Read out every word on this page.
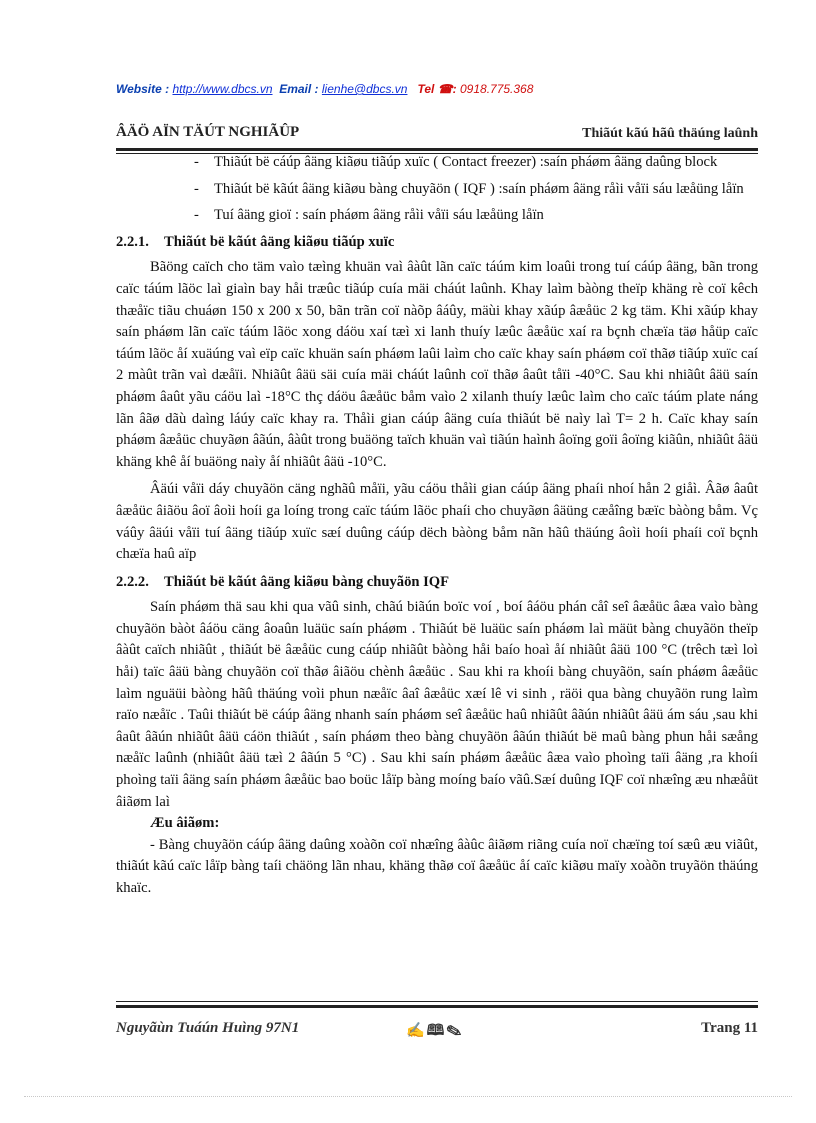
Website : http://www.dbcs.vn Email : lienhe@dbcs.vn Tel ☎: 0918.775.368
ÂÄÖ AÏN TÄÚT NGHIÃÛP	Thiãút kãú hãû thäúng laûnh

- Thiãút bë cáúp âäng kiãøu tiãúp xuïc ( Contact freezer) :saín pháøm âäng daûng block

- Thiãút bë kãút âäng kiãøu bàng chuyãön ( IQF ) :saín pháøm âäng råìi våïi sáu læåüng låïn

- Tuí âäng gioï : saín pháøm âäng råìi våïi sáu læåüng låïn

2.2.1. Thiãút bë kãút âäng kiãøu tiãúp xuïc

Bãöng caïch cho täm vaìo tæìng khuän vaì âàût lãn caïc táúm kim loaûi trong tuí cáúp âäng, bãn trong caïc táúm lãöc laì giaìn bay håi træûc tiãúp cuía mäi cháút laûnh. Khay laìm bàòng theïp khäng rè coï kêch thæåïc tiãu chuáøn 150 x 200 x 50, bãn trãn coï nàõp âáûy, mäùi khay xãúp âæåüc 2 kg täm. Khi xãúp khay saín pháøm lãn caïc táúm lãöc xong dáöu xaí tæì xi lanh thuíy læûc âæåüc xaí ra bçnh chæïa täø håüp caïc táúm lãöc åí xuäúng vaì eïp caïc khuän saín pháøm laûi laìm cho caïc khay saín pháøm coï thãø tiãúp xuïc caí 2 màût trãn vaì dæåïi. Nhiãût âäü säi cuía mäi cháút laûnh coï thãø âaût tåïi -40°C. Sau khi nhiãût âäü saín pháøm âaût yãu cáöu laì -18°C thç dáöu âæåüc båm vaìo 2 xilanh thuíy læûc laìm cho caïc táúm plate náng lãn âãø dãù daìng láúy caïc khay ra. Thåìi gian cáúp âäng cuía thiãút bë naìy laì T= 2 h. Caïc khay saín pháøm âæåüc chuyãøn âãún, âàût trong buäöng taïch khuän vaì tiãún haình âoïng goïi âoïng kiãûn, nhiãût âäü khäng khê åí buäöng naìy åí nhiãût âäü -10°C.

Âäúi våïi dáy chuyãön cäng nghãû måïi, yãu cáöu thåìi gian cáúp âäng phaíi nhoí hån 2 giåì. Âãø âaût âæåüc âiãöu âoï âoìi hoíi ga loíng trong caïc táúm lãöc phaíi cho chuyãøn âäüng cæåîng bæïc bàòng båm. Vç váûy âäúi våïi tuí âäng tiãúp xuïc sæí duûng cáúp dëch bàòng båm nãn hãû thäúng âoìi hoíi phaíi coï bçnh chæïa haû aïp

2.2.2. Thiãút bë kãút âäng kiãøu bàng chuyãön IQF

Saín pháøm thä sau khi qua vãû sinh, chãú biãún boïc voí , boí âáöu phán cåî seî âæåüc âæa vaìo bàng chuyãön bàòt âáöu cäng âoaûn luäüc saín pháøm . Thiãút bë luäüc saín pháøm laì mäüt bàng chuyãön theïp âàût caïch nhiãût , thiãút bë âæåüc cung cáúp nhiãût bàòng håi baío hoaì åí nhiãût âäü 100 °C (trêch tæì loì håi) taïc âäü bàng chuyãön coï thãø âiãöu chènh âæåüc . Sau khi ra khoíi bàng chuyãön, saín pháøm âæåüc laìm nguäüi bàòng hãû thäúng voìi phun næåïc âaî âæåüc xæí lê vi sinh , räöi qua bàng chuyãön rung laìm raïo næåïc . Taûi thiãút bë cáúp âäng nhanh saín pháøm seî âæåüc haû nhiãût âãún nhiãût âäü ám sáu ,sau khi âaût âãún nhiãût âäü cáön thiãút , saín pháøm theo bàng chuyãön âãún thiãút bë maû bàng phun håi sæång næåïc laûnh (nhiãût âäü tæì 2 âãún 5 °C) . Sau khi saín pháøm âæåüc âæa vaìo phoìng taïi âäng ,ra khoíi phoìng taïi âäng saín pháøm âæåüc bao boüc låïp bàng moíng baío vãû.Sæí duûng IQF coï nhæîng æu nhæåüt âiãøm laì

Æu âiãøm:

- Bàng chuyãön cáúp âäng daûng xoàõn coï nhæîng âàûc âiãøm riãng cuía noï chæïng toí sæû æu viãût, thiãút kãú caïc låïp bàng taíi chäöng lãn nhau, khäng thãø coï âæåüc åí caïc kiãøu maïy xoàõn truyãön thäúng khaïc.

Nguyãùn Tuáún Huìng 97N1	✍🕮✎	Trang 11
